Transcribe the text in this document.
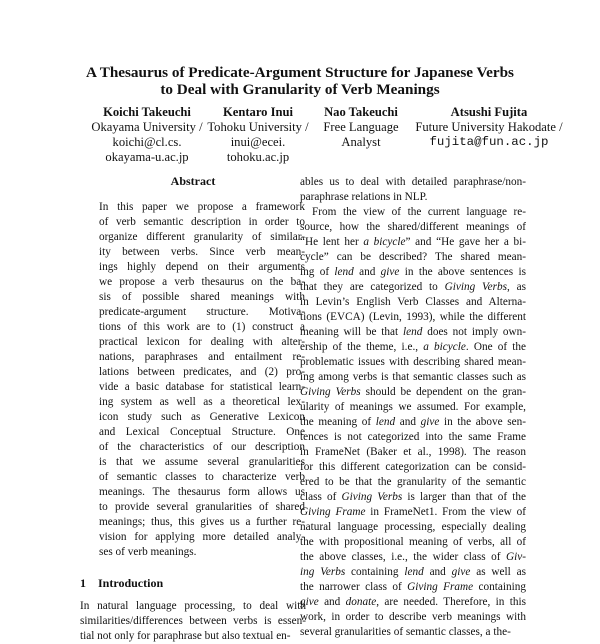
A Thesaurus of Predicate-Argument Structure for Japanese Verbs
to Deal with Granularity of Verb Meanings
Koichi Takeuchi
Okayama University /
koichi@cl.cs.
okayama-u.ac.jp
Kentaro Inui
Tohoku University /
inui@ecei.
tohoku.ac.jp
Nao Takeuchi
Free Language
Analyst
Atsushi Fujita
Future University Hakodate /
fujita@fun.ac.jp
Abstract
In this paper we propose a framework
of verb semantic description in order to
organize different granularity of similar-
ity between verbs. Since verb mean-
ings highly depend on their arguments
we propose a verb thesaurus on the ba-
sis of possible shared meanings with
predicate-argument structure. Motiva-
tions of this work are to (1) construct a
practical lexicon for dealing with alter-
nations, paraphrases and entailment re-
lations between predicates, and (2) pro-
vide a basic database for statistical learn-
ing system as well as a theoretical lex-
icon study such as Generative Lexicon
and Lexical Conceptual Structure. One
of the characteristics of our description
is that we assume several granularities
of semantic classes to characterize verb
meanings. The thesaurus form allows us
to provide several granularities of shared
meanings; thus, this gives us a further re-
vision for applying more detailed analy-
ses of verb meanings.
1 Introduction
In natural language processing, to deal with
similarities/differences between verbs is essen-
tial not only for paraphrase but also textual en-
ables us to deal with detailed paraphrase/non-
paraphrase relations in NLP.
From the view of the current language re-
source, how the shared/different meanings of
“He lent her a bicycle” and “He gave her a bi-
cycle” can be described? The shared mean-
ing of lend and give in the above sentences is
that they are categorized to Giving Verbs, as
in Levin’s English Verb Classes and Alterna-
tions (EVCA) (Levin, 1993), while the different
meaning will be that lend does not imply own-
ership of the theme, i.e., a bicycle. One of the
problematic issues with describing shared mean-
ing among verbs is that semantic classes such as
Giving Verbs should be dependent on the gran-
ularity of meanings we assumed. For example,
the meaning of lend and give in the above sen-
tences is not categorized into the same Frame
in FrameNet (Baker et al., 1998). The reason
for this different categorization can be consid-
ered to be that the granularity of the semantic
class of Giving Verbs is larger than that of the
Giving Frame in FrameNet1. From the view of
natural language processing, especially dealing
the with propositional meaning of verbs, all of
the above classes, i.e., the wider class of Giv-
ing Verbs containing lend and give as well as
the narrower class of Giving Frame containing
give and donate, are needed. Therefore, in this
work, in order to describe verb meanings with
several granularities of semantic classes, a the-
